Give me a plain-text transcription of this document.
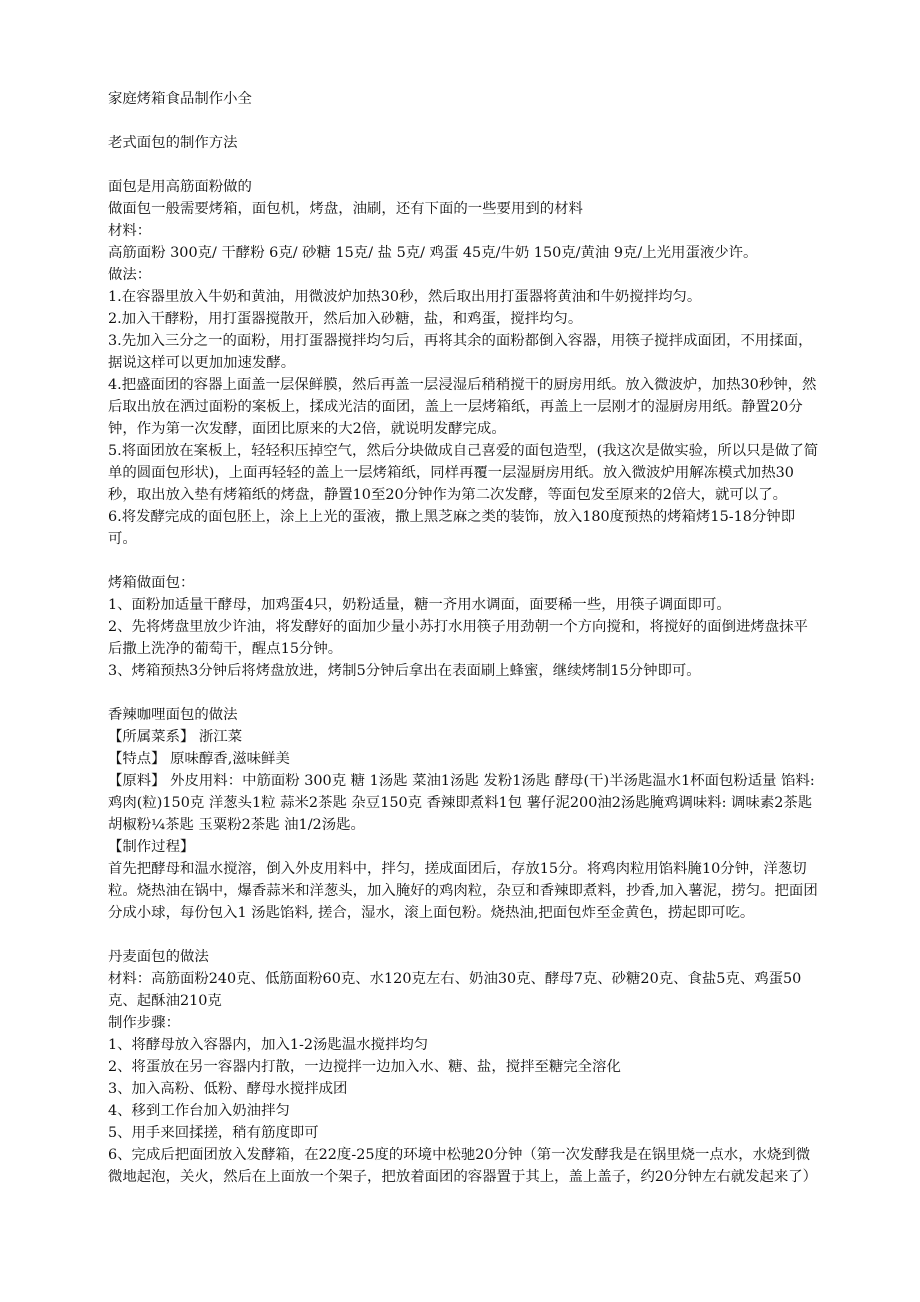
家庭烤箱食品制作小全
老式面包的制作方法
面包是用高筋面粉做的
做面包一般需要烤箱，面包机，烤盘，油刷，还有下面的一些要用到的材料
材料：
高筋面粉 300克/ 干酵粉 6克/ 砂糖 15克/ 盐 5克/ 鸡蛋 45克/牛奶 150克/黄油 9克/上光用蛋液少许。
做法：
1.在容器里放入牛奶和黄油，用微波炉加热30秒，然后取出用打蛋器将黄油和牛奶搅拌均匀。
2.加入干酵粉，用打蛋器搅散开，然后加入砂糖，盐，和鸡蛋，搅拌均匀。
3.先加入三分之一的面粉，用打蛋器搅拌均匀后，再将其余的面粉都倒入容器，用筷子搅拌成面团，不用揉面，据说这样可以更加加速发酵。
4.把盛面团的容器上面盖一层保鲜膜，然后再盖一层浸湿后稍稍搅干的厨房用纸。放入微波炉，加热30秒钟，然后取出放在洒过面粉的案板上，揉成光洁的面团，盖上一层烤箱纸，再盖上一层刚才的湿厨房用纸。静置20分钟，作为第一次发酵，面团比原来的大2倍，就说明发酵完成。
5.将面团放在案板上，轻轻积压掉空气，然后分块做成自己喜爱的面包造型，(我这次是做实验，所以只是做了简单的圆面包形状)，上面再轻轻的盖上一层烤箱纸，同样再覆一层湿厨房用纸。放入微波炉用解冻模式加热30秒，取出放入垫有烤箱纸的烤盘，静置10至20分钟作为第二次发酵，等面包发至原来的2倍大，就可以了。
6.将发酵完成的面包胚上，涂上上光的蛋液，撒上黑芝麻之类的装饰，放入180度预热的烤箱烤15-18分钟即可。
烤箱做面包：
1、面粉加适量干酵母，加鸡蛋4只，奶粉适量，糖一齐用水调面，面要稀一些，用筷子调面即可。
2、先将烤盘里放少许油，将发酵好的面加少量小苏打水用筷子用劲朝一个方向搅和，将搅好的面倒进烤盘抹平后撒上洗净的葡萄干，醒点15分钟。
3、烤箱预热3分钟后将烤盘放进，烤制5分钟后拿出在表面刷上蜂蜜，继续烤制15分钟即可。
香辣咖哩面包的做法
【所属菜系】 浙江菜
【特点】 原味醇香,滋味鲜美
【原料】 外皮用料：中筋面粉 300克 糖 1汤匙 菜油1汤匙 发粉1汤匙 酵母(干)半汤匙温水1杯面包粉适量 馅料: 鸡肉(粒)150克 洋葱头1粒 蒜米2茶匙 杂豆150克 香辣即煮料1包 薯仔泥200油2汤匙腌鸡调味料: 调味素2茶匙 胡椒粉¼茶匙 玉粟粉2茶匙 油1/2汤匙。
【制作过程】
首先把酵母和温水搅溶，倒入外皮用料中，拌匀，搓成面团后，存放15分。将鸡肉粒用馅料腌10分钟，洋葱切粒。烧热油在锅中，爆香蒜米和洋葱头，加入腌好的鸡肉粒，杂豆和香辣即煮料，抄香,加入薯泥，捞匀。把面团分成小球，每份包入1 汤匙馅料, 搓合，湿水，滚上面包粉。烧热油,把面包炸至金黄色，捞起即可吃。
丹麦面包的做法
材料：高筋面粉240克、低筋面粉60克、水120克左右、奶油30克、酵母7克、砂糖20克、食盐5克、鸡蛋50克、起酥油210克
制作步骤：
1、将酵母放入容器内，加入1-2汤匙温水搅拌均匀
2、将蛋放在另一容器内打散，一边搅拌一边加入水、糖、盐，搅拌至糖完全溶化
3、加入高粉、低粉、酵母水搅拌成团
4、移到工作台加入奶油拌匀
5、用手来回揉搓，稍有筋度即可
6、完成后把面团放入发酵箱，在22度-25度的环境中松驰20分钟（第一次发酵我是在锅里烧一点水，水烧到微微地起泡，关火，然后在上面放一个架子，把放着面团的容器置于其上，盖上盖子，约20分钟左右就发起来了）
